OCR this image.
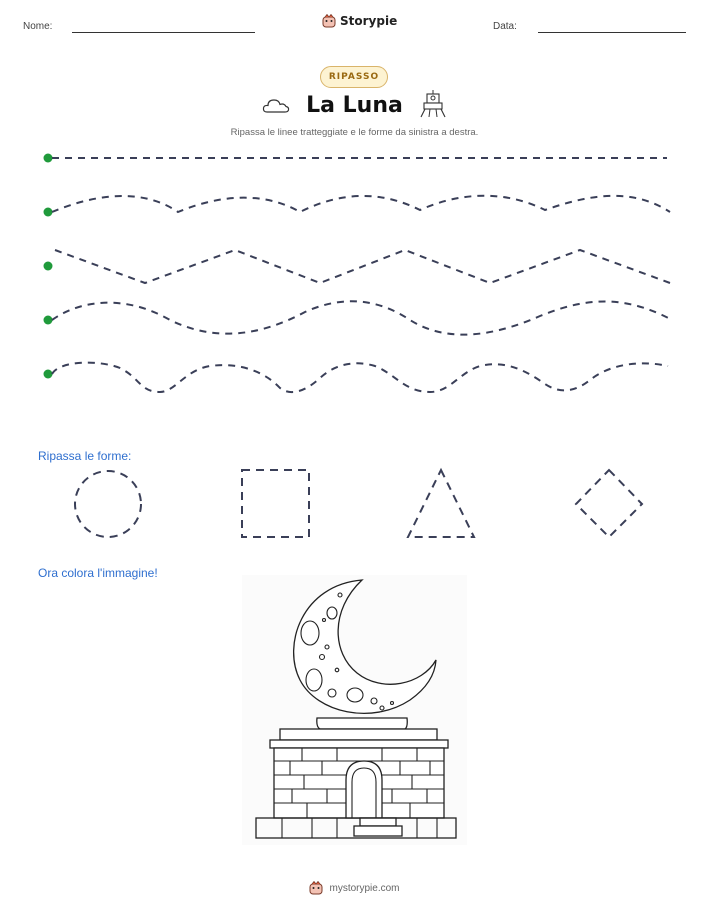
Nome:	Storypie	Data:
RIPASSO
La Luna
Ripassa le linee tratteggiate e le forme da sinistra a destra.
Ripassa le forme:
Ora colora l'immagine!
mystorypie.com
